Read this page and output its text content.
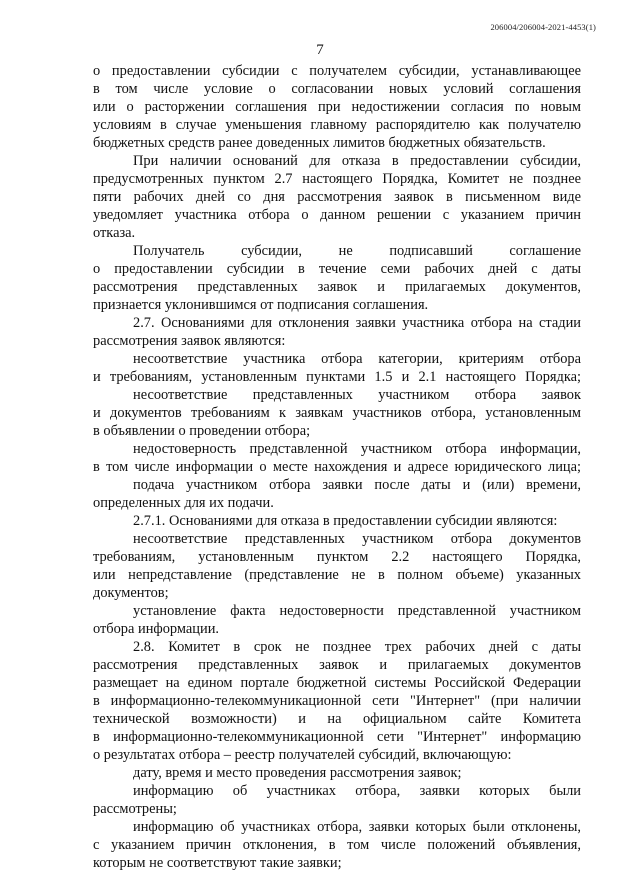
206004/206004-2021-4453(1)
7
о предоставлении субсидии с получателем субсидии, устанавливающее
в том числе условие о согласовании новых условий соглашения
или о расторжении соглашения при недостижении согласия по новым
условиям в случае уменьшения главному распорядителю как получателю
бюджетных средств ранее доведенных лимитов бюджетных обязательств.
При наличии оснований для отказа в предоставлении субсидии,
предусмотренных пунктом 2.7 настоящего Порядка, Комитет не позднее
пяти рабочих дней со дня рассмотрения заявок в письменном виде
уведомляет участника отбора о данном решении с указанием причин
отказа.
Получатель субсидии, не подписавший соглашение
о предоставлении субсидии в течение семи рабочих дней с даты
рассмотрения представленных заявок и прилагаемых документов,
признается уклонившимся от подписания соглашения.
2.7. Основаниями для отклонения заявки участника отбора на стадии
рассмотрения заявок являются:
несоответствие участника отбора категории, критериям отбора
и требованиям, установленным пунктами 1.5 и 2.1 настоящего Порядка;
несоответствие представленных участником отбора заявок
и документов требованиям к заявкам участников отбора, установленным
в объявлении о проведении отбора;
недостоверность представленной участником отбора информации,
в том числе информации о месте нахождения и адресе юридического лица;
подача участником отбора заявки после даты и (или) времени,
определенных для их подачи.
2.7.1. Основаниями для отказа в предоставлении субсидии являются:
несоответствие представленных участником отбора документов
требованиям, установленным пунктом 2.2 настоящего Порядка,
или непредставление (представление не в полном объеме) указанных
документов;
установление факта недостоверности представленной участником
отбора информации.
2.8. Комитет в срок не позднее трех рабочих дней с даты
рассмотрения представленных заявок и прилагаемых документов
размещает на едином портале бюджетной системы Российской Федерации
в информационно-телекоммуникационной сети "Интернет" (при наличии
технической возможности) и на официальном сайте Комитета
в информационно-телекоммуникационной сети "Интернет" информацию
о результатах отбора – реестр получателей субсидий, включающую:
дату, время и место проведения рассмотрения заявок;
информацию об участниках отбора, заявки которых были
рассмотрены;
информацию об участниках отбора, заявки которых были отклонены,
с указанием причин отклонения, в том числе положений объявления,
которым не соответствуют такие заявки;
